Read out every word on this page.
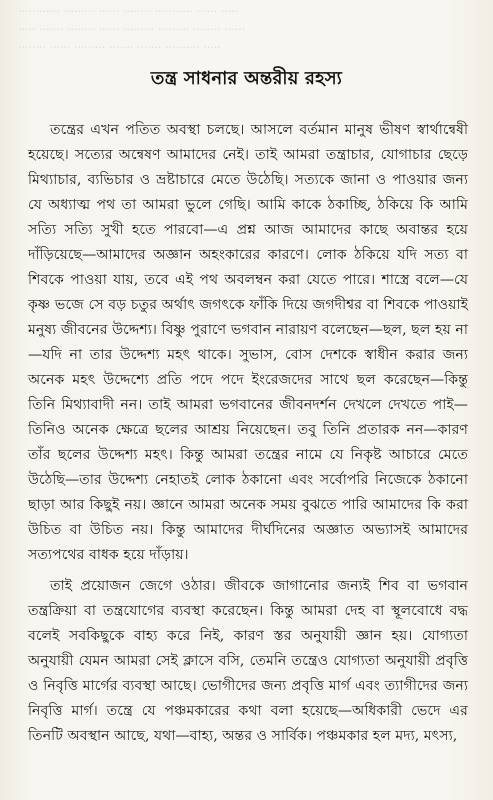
............ ......... ...... ........ ........... ...... .....
..... ....... ........ ...... ......... ......... ........ ......
........ ...... ......... ....... ....... .......... .....
তন্ত্র সাধনার অন্তরীয় রহস্য

তন্ত্রের এখন পতিত অবস্থা চলছে। আসলে বর্তমান মানুষ ভীষণ স্বার্থান্বেষী হয়েছে। সত্যের অন্বেষণ আমাদের নেই। তাই আমরা তন্ত্রাচার, যোগাচার ছেড়ে মিথ্যাচার, ব্যভিচার ও ভ্রষ্টাচারে মেতে উঠেছি। সত্যকে জানা ও পাওয়ার জন্য যে অধ্যাত্ম পথ তা আমরা ভুলে গেছি। আমি কাকে ঠকাচ্ছি, ঠকিয়ে কি আমি সত্যি সত্যি সুখী হতে পারবো—এ প্রশ্ন আজ আমাদের কাছে অবান্তর হয়ে দাঁড়িয়েছে—আমাদের অজ্ঞান অহংকারের কারণে। লোক ঠকিয়ে যদি সত্য বা শিবকে পাওয়া যায়, তবে এই পথ অবলম্বন করা যেতে পারে। শাস্ত্রে বলে—যে কৃষ্ণ ভজে সে বড় চতুর অর্থাৎ জগৎকে ফাঁকি দিয়ে জগদীশ্বর বা শিবকে পাওয়াই মনুষ্য জীবনের উদ্দেশ্য। বিষ্ণু পুরাণে ভগবান নারায়ণ বলেছেন—ছল, ছল হয় না—যদি না তার উদ্দেশ্য মহৎ থাকে। সুভাস, বোস দেশকে স্বাধীন করার জন্য অনেক মহৎ উদ্দেশ্যে প্রতি পদে পদে ইংরেজদের সাথে ছল করেছেন—কিন্তু তিনি মিথ্যাবাদী নন। তাই আমরা ভগবানের জীবনদর্শন দেখলে দেখতে পাই—তিনিও অনেক ক্ষেত্রে ছলের আশ্রয় নিয়েছেন। তবু তিনি প্রতারক নন—কারণ তাঁর ছলের উদ্দেশ্য মহৎ। কিন্তু আমরা তন্ত্রের নামে যে নিকৃষ্ট আচারে মেতে উঠেছি—তার উদ্দেশ্য নেহাতই লোক ঠকানো এবং সর্বোপরি নিজেকে ঠকানো ছাড়া আর কিছুই নয়। জ্ঞানে আমরা অনেক সময় বুঝতে পারি আমাদের কি করা উচিত বা উচিত নয়। কিন্তু আমাদের দীর্ঘদিনের অজ্ঞাত অভ্যাসই আমাদের সত্যপথের বাধক হয়ে দাঁড়ায়।

তাই প্রয়োজন জেগে ওঠার। জীবকে জাগানোর জন্যই শিব বা ভগবান তন্ত্রক্রিয়া বা তন্ত্রযোগের ব্যবস্থা করেছেন। কিন্তু আমরা দেহ বা স্থূলবোধে বদ্ধ বলেই সবকিছুকে বাহ্য করে নিই, কারণ স্তর অনুযায়ী জ্ঞান হয়। যোগ্যতা অনুযায়ী যেমন আমরা সেই ক্লাসে বসি, তেমনি তন্ত্রেও যোগ্যতা অনুযায়ী প্রবৃত্তি ও নিবৃত্তি মার্গের ব্যবস্থা আছে। ভোগীদের জন্য প্রবৃত্তি মার্গ এবং ত্যাগীদের জন্য নিবৃত্তি মার্গ। তন্ত্রে যে পঞ্চমকারের কথা বলা হয়েছে—অধিকারী ভেদে এর তিনটি অবস্থান আছে, যথা—বাহ্য, অন্তর ও সার্বিক। পঞ্চমকার হল মদ্য, মৎস্য,
